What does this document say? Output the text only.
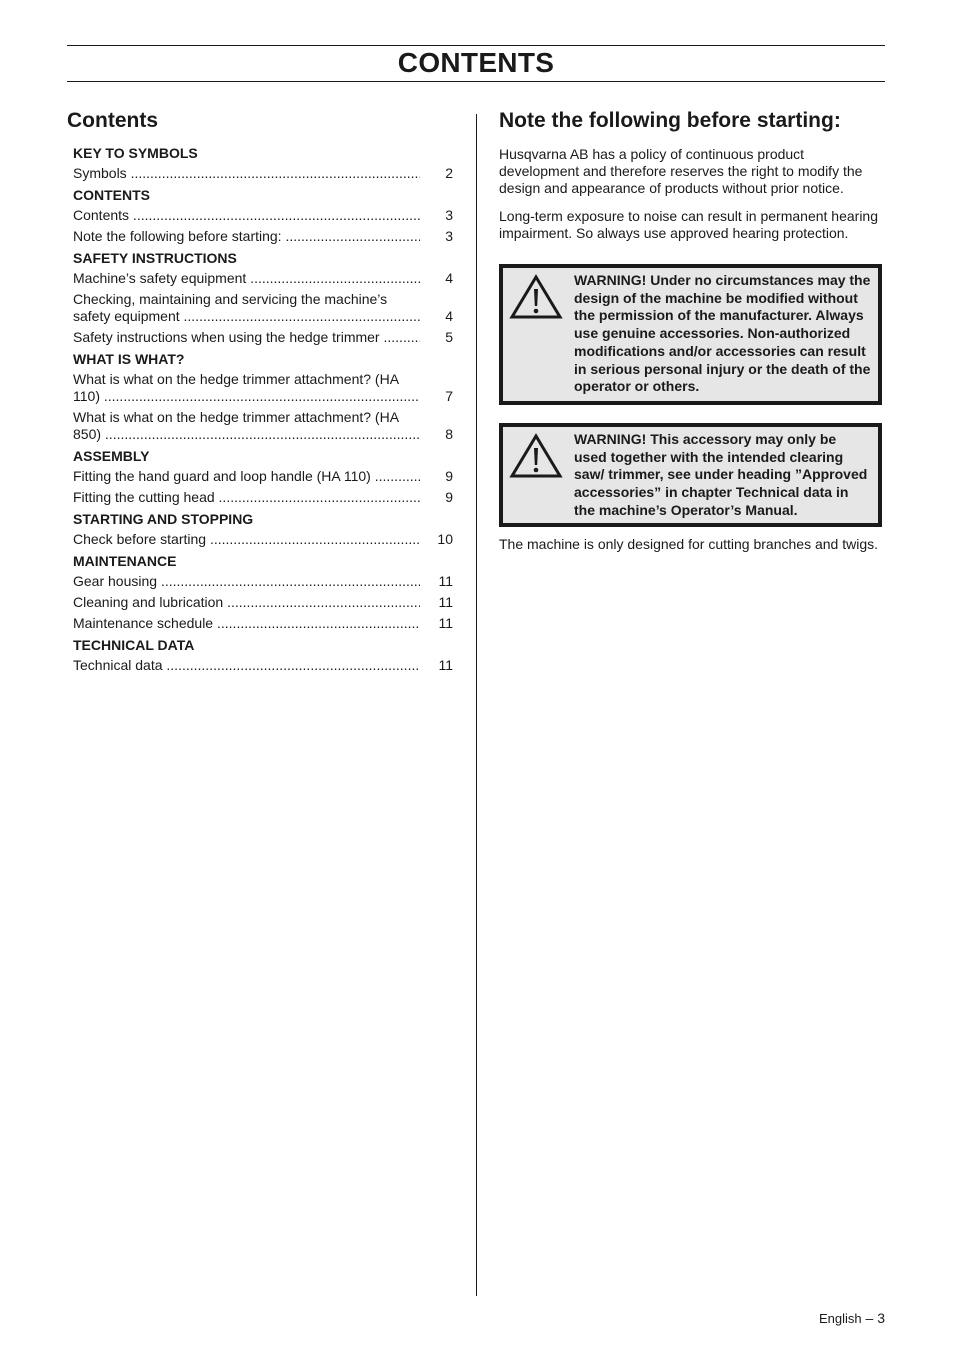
CONTENTS
Contents
KEY TO SYMBOLS
Symbols .....	2
CONTENTS
Contents .....	3
Note the following before starting: .....	3
SAFETY INSTRUCTIONS
Machine’s safety equipment .....	4
Checking, maintaining and servicing the machine’s
safety equipment .....	4
Safety instructions when using the hedge trimmer .....	5
WHAT IS WHAT?
What is what on the hedge trimmer attachment? (HA
110) .....	7
What is what on the hedge trimmer attachment? (HA
850) .....	8
ASSEMBLY
Fitting the hand guard and loop handle (HA 110) .....	9
Fitting the cutting head .....	9
STARTING AND STOPPING
Check before starting .....	10
MAINTENANCE
Gear housing .....	11
Cleaning and lubrication .....	11
Maintenance schedule .....	11
TECHNICAL DATA
Technical data .....	11
Note the following before starting:

Husqvarna AB has a policy of continuous product development and therefore reserves the right to modify the design and appearance of products without prior notice.

Long-term exposure to noise can result in permanent hearing impairment. So always use approved hearing protection.

WARNING! Under no circumstances may the design of the machine be modified without the permission of the manufacturer. Always use genuine accessories. Non-authorized modifications and/or accessories can result in serious personal injury or the death of the operator or others.
WARNING! This accessory may only be used together with the intended clearing saw/ trimmer, see under heading ”Approved accessories” in chapter Technical data in the machine’s Operator’s Manual.

The machine is only designed for cutting branches and twigs.

English – 3
